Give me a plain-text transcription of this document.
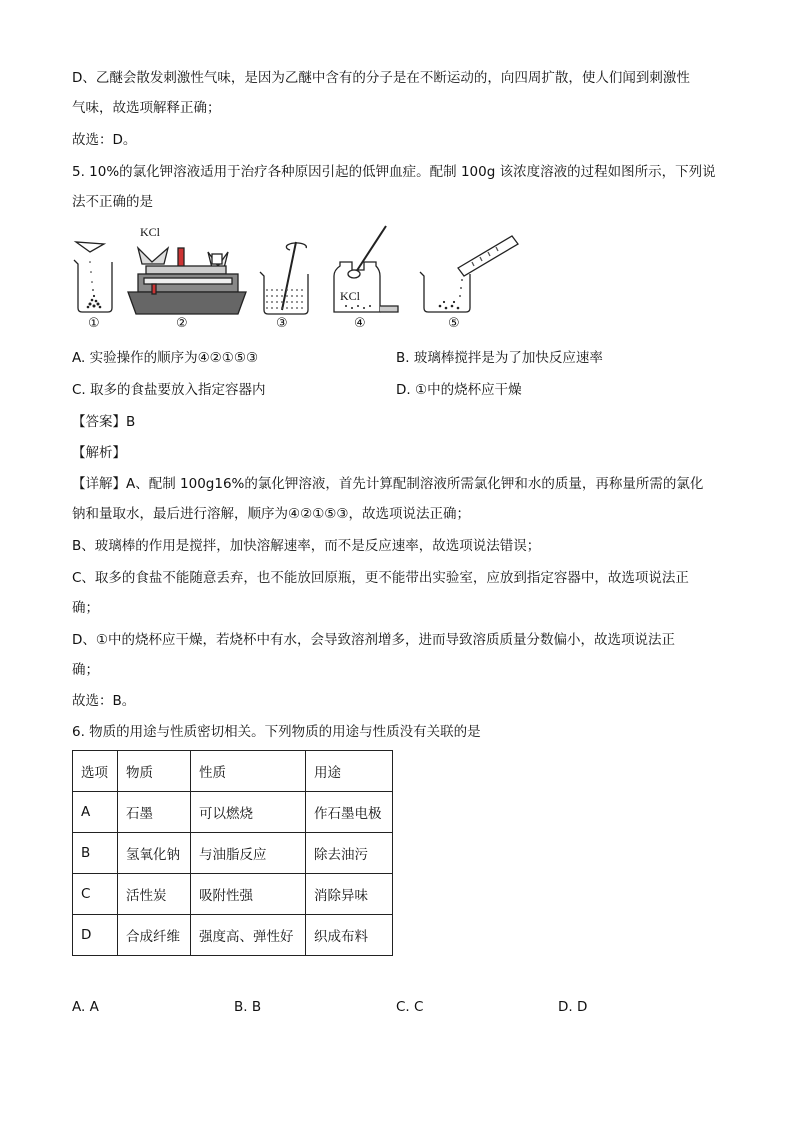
D、乙醚会散发刺激性气味，是因为乙醚中含有的分子是在不断运动的，向四周扩散，使人们闻到刺激性
气味，故选项解释正确；
故选：D。
5. 10%的氯化钾溶液适用于治疗各种原因引起的低钾血症。配制 100g 该浓度溶液的过程如图所示，下列说
法不正确的是
KCl
KCl
①	②	③	④	⑤
A. 实验操作的顺序为④②①⑤③	B. 玻璃棒搅拌是为了加快反应速率
C. 取多的食盐要放入指定容器内	D. ①中的烧杯应干燥
【答案】B
【解析】
【详解】A、配制 100g16%的氯化钾溶液，首先计算配制溶液所需氯化钾和水的质量，再称量所需的氯化
钠和量取水，最后进行溶解，顺序为④②①⑤③，故选项说法正确；
B、玻璃棒的作用是搅拌，加快溶解速率，而不是反应速率，故选项说法错误；
C、取多的食盐不能随意丢弃，也不能放回原瓶，更不能带出实验室，应放到指定容器中，故选项说法正
确；
D、①中的烧杯应干燥，若烧杯中有水，会导致溶剂增多，进而导致溶质质量分数偏小，故选项说法正
确；
故选：B。
6. 物质的用途与性质密切相关。下列物质的用途与性质没有关联的是
选项	物质	性质	用途
A	石墨	可以燃烧	作石墨电极
B	氢氧化钠	与油脂反应	除去油污
C	活性炭	吸附性强	消除异味
D	合成纤维	强度高、弹性好	织成布料
A. A	B. B	C. C	D. D
